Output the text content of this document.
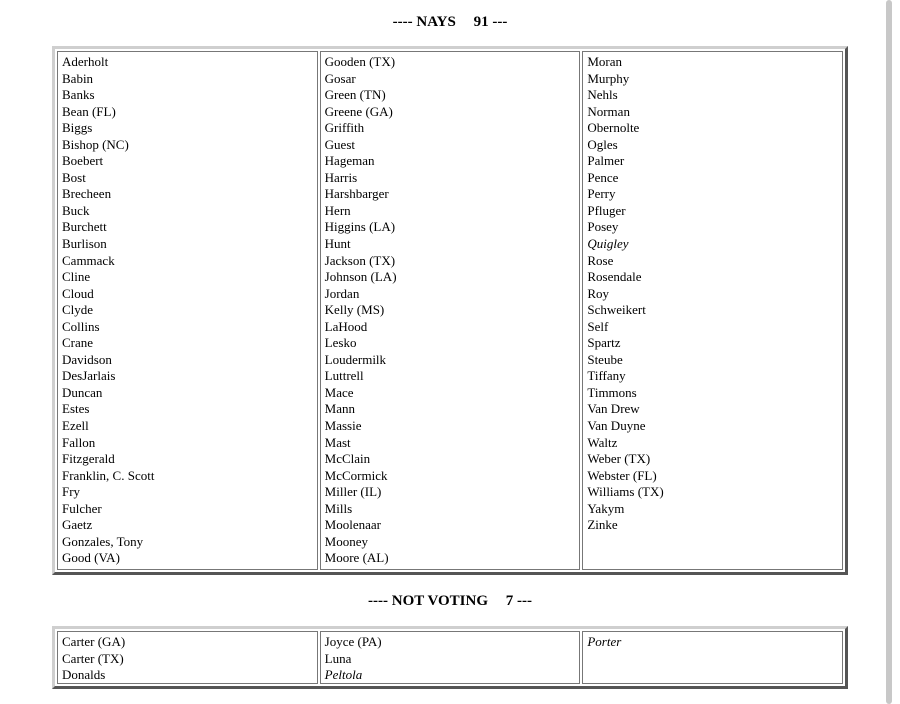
---- NAYS 91 ---
Aderholt
Babin
Banks
Bean (FL)
Biggs
Bishop (NC)
Boebert
Bost
Brecheen
Buck
Burchett
Burlison
Cammack
Cline
Cloud
Clyde
Collins
Crane
Davidson
DesJarlais
Duncan
Estes
Ezell
Fallon
Fitzgerald
Franklin, C. Scott
Fry
Fulcher
Gaetz
Gonzales, Tony
Good (VA)
Gooden (TX)
Gosar
Green (TN)
Greene (GA)
Griffith
Guest
Hageman
Harris
Harshbarger
Hern
Higgins (LA)
Hunt
Jackson (TX)
Johnson (LA)
Jordan
Kelly (MS)
LaHood
Lesko
Loudermilk
Luttrell
Mace
Mann
Massie
Mast
McClain
McCormick
Miller (IL)
Mills
Moolenaar
Mooney
Moore (AL)
Moran
Murphy
Nehls
Norman
Obernolte
Ogles
Palmer
Pence
Perry
Pfluger
Posey
Quigley
Rose
Rosendale
Roy
Schweikert
Self
Spartz
Steube
Tiffany
Timmons
Van Drew
Van Duyne
Waltz
Weber (TX)
Webster (FL)
Williams (TX)
Yakym
Zinke
---- NOT VOTING 7 ---
Carter (GA)
Carter (TX)
Donalds
Joyce (PA)
Luna
Peltola
Porter
